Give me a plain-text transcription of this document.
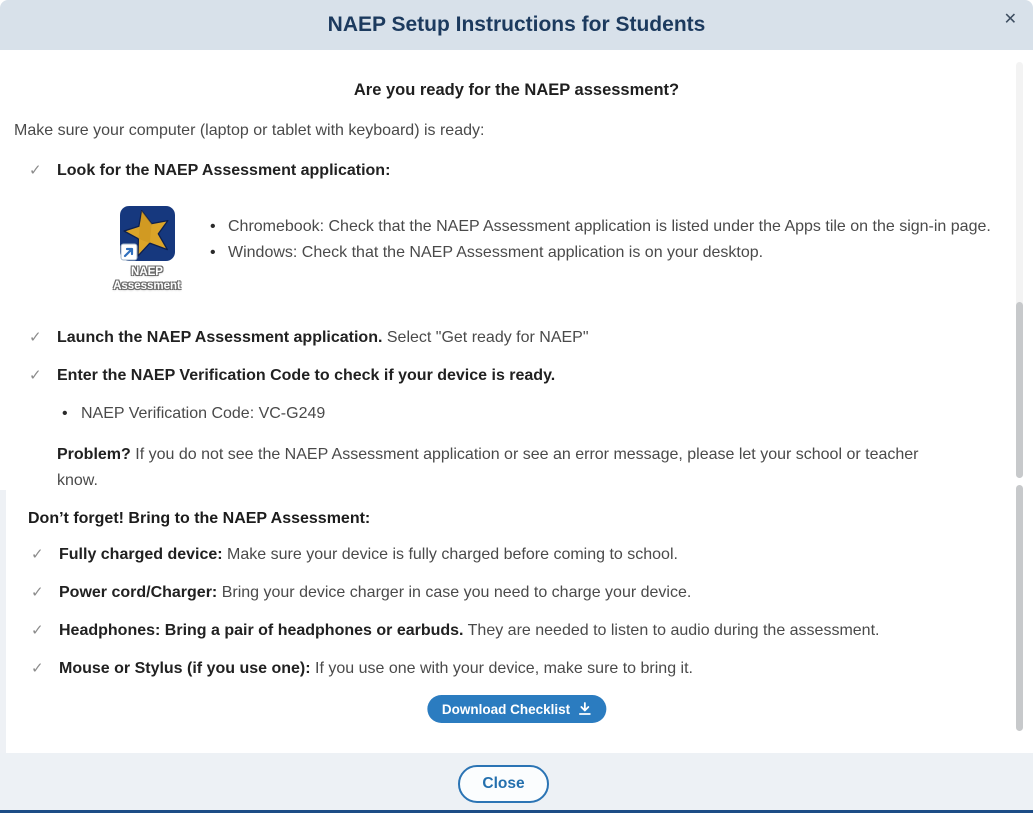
NAEP Setup Instructions for Students	✕

Are you ready for the NAEP assessment?

Make sure your computer (laptop or tablet with keyboard) is ready:

✓ Look for the NAEP Assessment application:

NAEP
Assessment
• Chromebook: Check that the NAEP Assessment application is listed under the Apps tile on the sign-in page.
• Windows: Check that the NAEP Assessment application is on your desktop.
✓ Launch the NAEP Assessment application. Select "Get ready for NAEP"

✓ Enter the NAEP Verification Code to check if your device is ready.

• NAEP Verification Code: VC-G249

Problem? If you do not see the NAEP Assessment application or see an error message, please let your school or teacher know.

Don’t forget! Bring to the NAEP Assessment:

✓ Fully charged device: Make sure your device is fully charged before coming to school.

✓ Power cord/Charger: Bring your device charger in case you need to charge your device.

✓ Headphones: Bring a pair of headphones or earbuds. They are needed to listen to audio during the assessment.

✓ Mouse or Stylus (if you use one): If you use one with your device, make sure to bring it.

Download Checklist
Close
